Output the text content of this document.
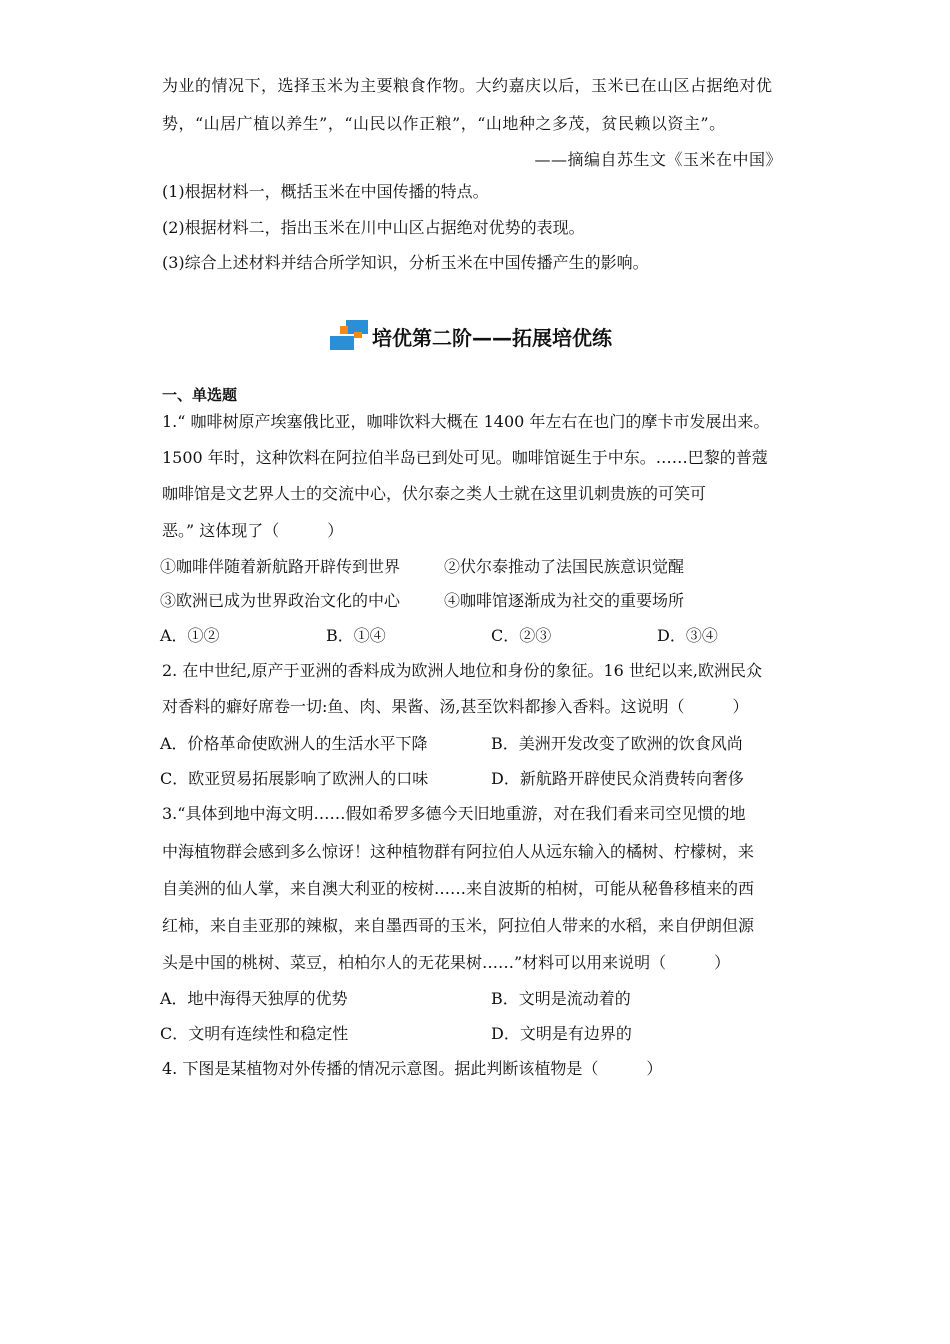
为业的情况下，选择玉米为主要粮食作物。大约嘉庆以后，玉米已在山区占据绝对优
势，“山居广植以养生”，“山民以作正粮”，“山地种之多茂，贫民赖以资主”。
——摘编自苏生文《玉米在中国》
(1)根据材料一，概括玉米在中国传播的特点。
(2)根据材料二，指出玉米在川中山区占据绝对优势的表现。
(3)综合上述材料并结合所学知识，分析玉米在中国传播产生的影响。
培优第二阶——拓展培优练
一、单选题
1.“ 咖啡树原产埃塞俄比亚，咖啡饮料大概在 1400 年左右在也门的摩卡市发展出来。
1500 年时，这种饮料在阿拉伯半岛已到处可见。咖啡馆诞生于中东。……巴黎的普蔻
咖啡馆是文艺界人士的交流中心，伏尔泰之类人士就在这里讥刺贵族的可笑可
恶。” 这体现了（　　　）
①咖啡伴随着新航路开辟传到世界	②伏尔泰推动了法国民族意识觉醒
③欧洲已成为世界政治文化的中心	④咖啡馆逐渐成为社交的重要场所
A．①②	B．①④	C．②③	D．③④
2. 在中世纪,原产于亚洲的香料成为欧洲人地位和身份的象征。16 世纪以来,欧洲民众
对香料的癖好席卷一切:鱼、肉、果酱、汤,甚至饮料都掺入香料。这说明（　　　）
A．价格革命使欧洲人的生活水平下降	B．美洲开发改变了欧洲的饮食风尚
C．欧亚贸易拓展影响了欧洲人的口味	D．新航路开辟使民众消费转向奢侈
3.“具体到地中海文明……假如希罗多德今天旧地重游，对在我们看来司空见惯的地
中海植物群会感到多么惊讶！这种植物群有阿拉伯人从远东输入的橘树、柠檬树，来
自美洲的仙人掌，来自澳大利亚的桉树……来自波斯的柏树，可能从秘鲁移植来的西
红柿，来自圭亚那的辣椒，来自墨西哥的玉米，阿拉伯人带来的水稻，来自伊朗但源
头是中国的桃树、菜豆，柏柏尔人的无花果树……”材料可以用来说明（　　　）
A．地中海得天独厚的优势	B．文明是流动着的
C．文明有连续性和稳定性	D．文明是有边界的
4. 下图是某植物对外传播的情况示意图。据此判断该植物是（　　　）
